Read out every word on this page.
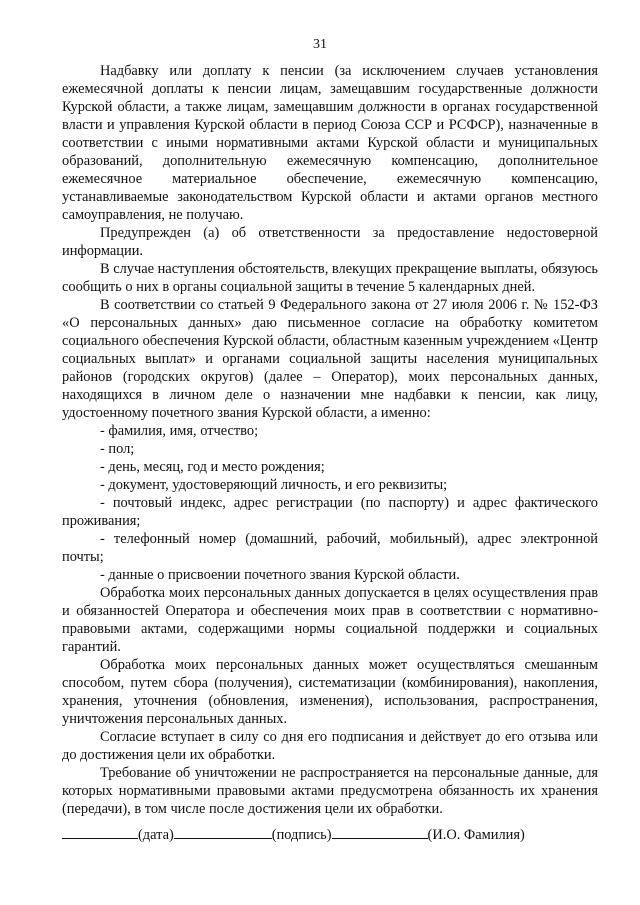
31

Надбавку или доплату к пенсии (за исключением случаев установления ежемесячной доплаты к пенсии лицам, замещавшим государственные должности Курской области, а также лицам, замещавшим должности в органах государственной власти и управления Курской области в период Союза ССР и РСФСР), назначенные в соответствии с иными нормативными актами Курской области и муниципальных образований, дополнительную ежемесячную компенсацию, дополнительное ежемесячное материальное обеспечение, ежемесячную компенсацию, устанавливаемые законодательством Курской области и актами органов местного самоуправления, не получаю.

Предупрежден (а) об ответственности за предоставление недостоверной информации.

В случае наступления обстоятельств, влекущих прекращение выплаты, обязуюсь сообщить о них в органы социальной защиты в течение 5 календарных дней.

В соответствии со статьей 9 Федерального закона от 27 июля 2006 г. № 152-ФЗ «О персональных данных» даю письменное согласие на обработку комитетом социального обеспечения Курской области, областным казенным учреждением «Центр социальных выплат» и органами социальной защиты населения муниципальных районов (городских округов) (далее – Оператор), моих персональных данных, находящихся в личном деле о назначении мне надбавки к пенсии, как лицу, удостоенному почетного звания Курской области, а именно:

- фамилия, имя, отчество;

- пол;

- день, месяц, год и место рождения;

- документ, удостоверяющий личность, и его реквизиты;

- почтовый индекс, адрес регистрации (по паспорту) и адрес фактического проживания;

- телефонный номер (домашний, рабочий, мобильный), адрес электронной почты;

- данные о присвоении почетного звания Курской области.

Обработка моих персональных данных допускается в целях осуществления прав и обязанностей Оператора и обеспечения моих прав в соответствии с нормативно-правовыми актами, содержащими нормы социальной поддержки и социальных гарантий.

Обработка моих персональных данных может осуществляться смешанным способом, путем сбора (получения), систематизации (комбинирования), накопления, хранения, уточнения (обновления, изменения), использования, распространения, уничтожения персональных данных.

Согласие вступает в силу со дня его подписания и действует до его отзыва или до достижения цели их обработки.

Требование об уничтожении не распространяется на персональные данные, для которых нормативными правовыми актами предусмотрена обязанность их хранения (передачи), в том числе после достижения цели их обработки.

(дата)	(подпись)	(И.О. Фамилия)
